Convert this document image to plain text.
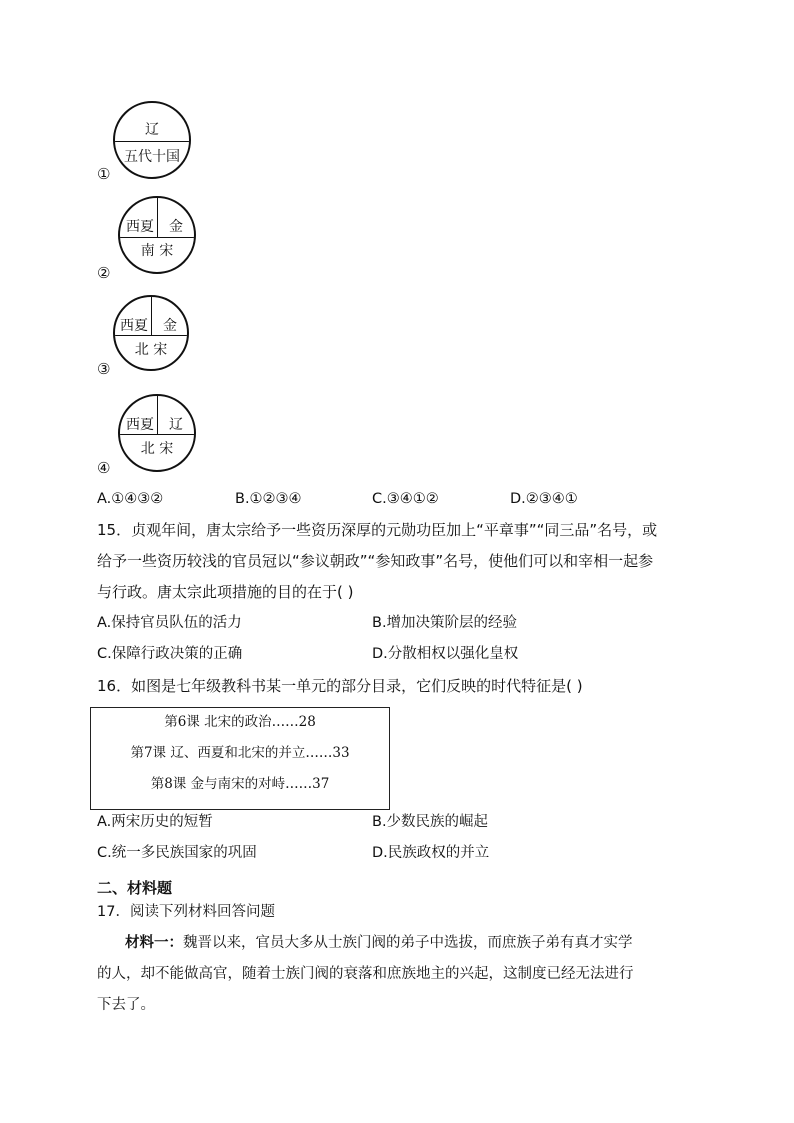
辽
五代十国
①
西夏	金
南 宋
②
西夏	金
北 宋
③
西夏	辽
北 宋
④
A.①④③②	B.①②③④	C.③④①②	D.②③④①
15．贞观年间，唐太宗给予一些资历深厚的元勋功臣加上“平章事”“同三品”名号，或
给予一些资历较浅的官员冠以“参议朝政”“参知政事”名号，使他们可以和宰相一起参
与行政。唐太宗此项措施的目的在于( )
A.保持官员队伍的活力	B.增加决策阶层的经验
C.保障行政决策的正确	D.分散相权以强化皇权
16．如图是七年级教科书某一单元的部分目录，它们反映的时代特征是( )
第6课 北宋的政治……28
第7课 辽、西夏和北宋的并立……33
第8课 金与南宋的对峙……37
A.两宋历史的短暂	B.少数民族的崛起
C.统一多民族国家的巩固	D.民族政权的并立
二、材料题
17．阅读下列材料回答问题
材料一：魏晋以来，官员大多从士族门阀的弟子中选拔，而庶族子弟有真才实学
的人，却不能做高官，随着士族门阀的衰落和庶族地主的兴起，这制度已经无法进行
下去了。
